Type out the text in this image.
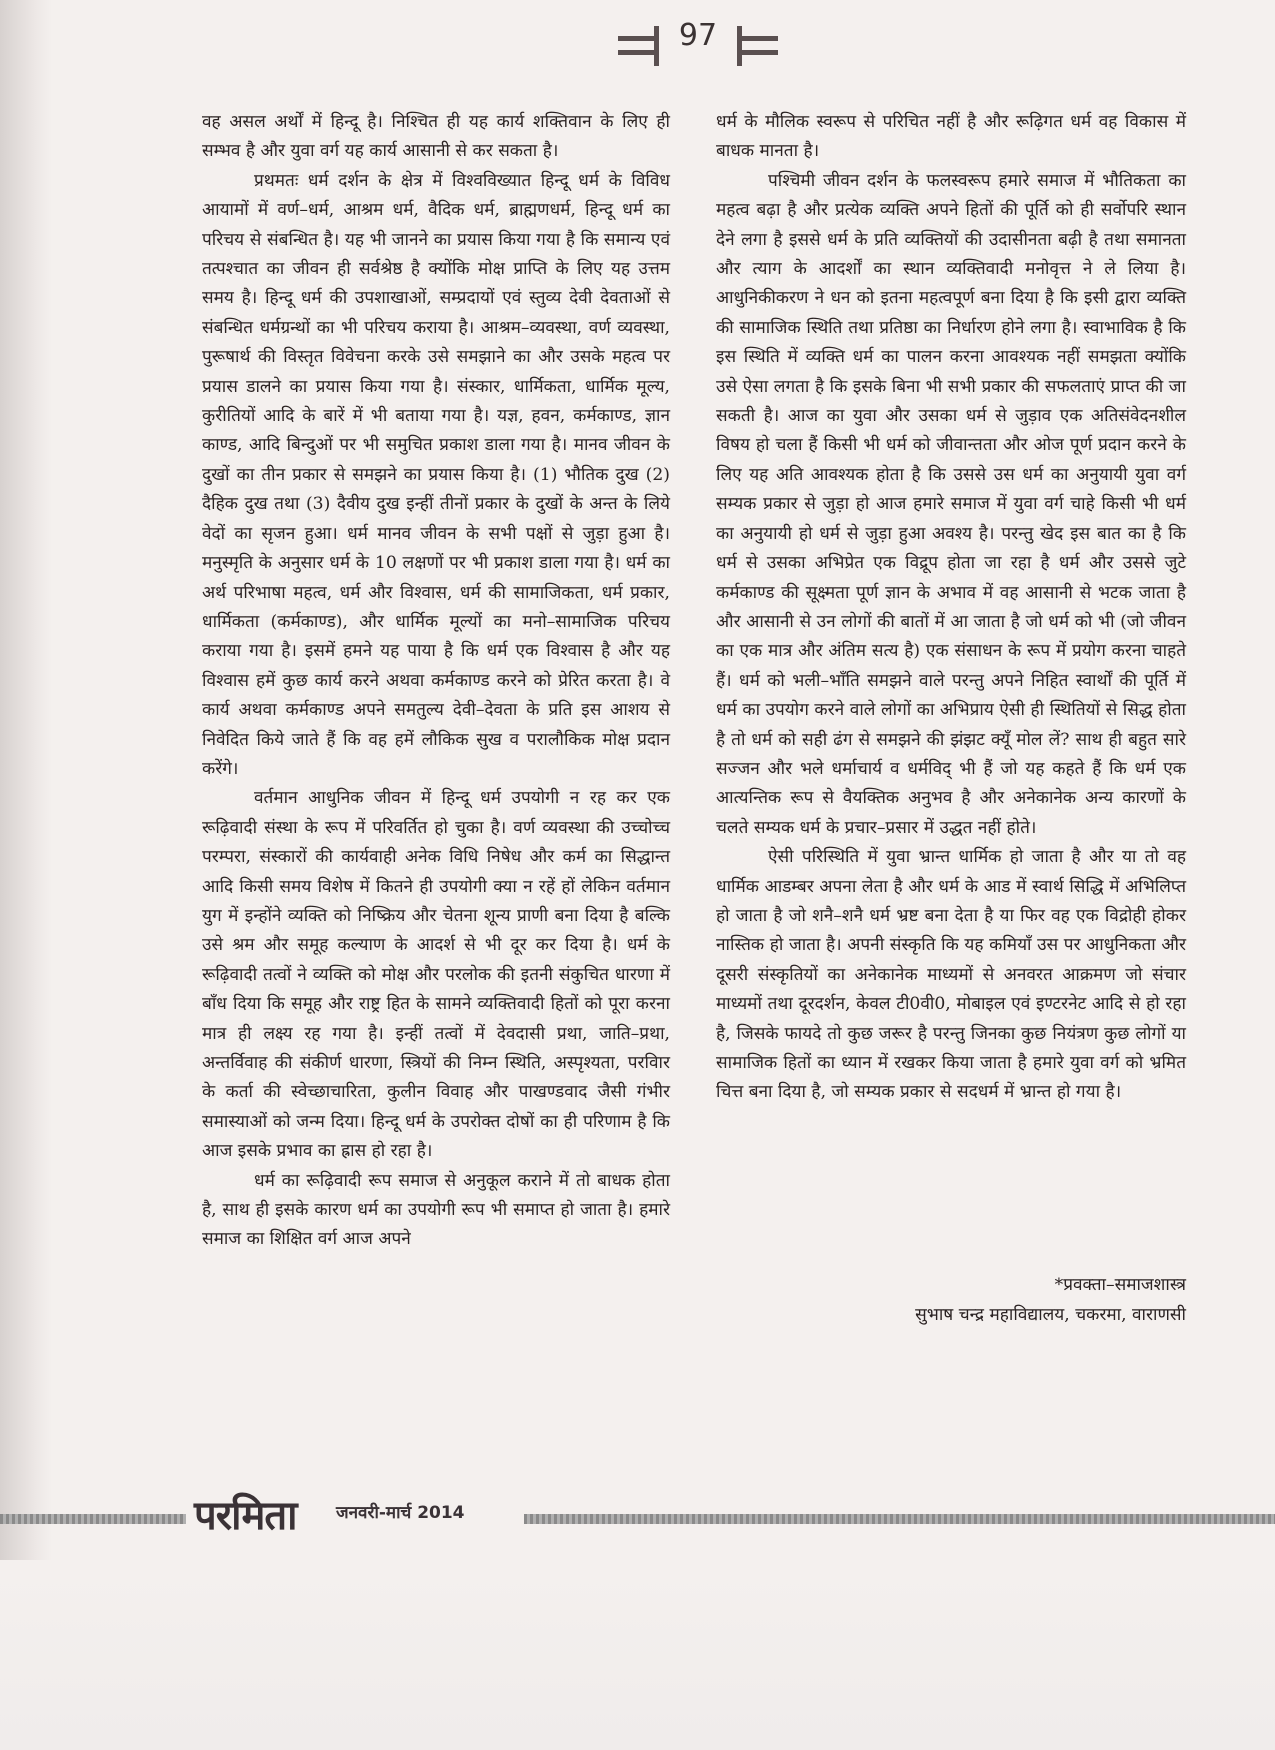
97

वह असल अर्थों में हिन्दू है। निश्चित ही यह कार्य शक्तिवान के लिए ही सम्भव है और युवा वर्ग यह कार्य आसानी से कर सकता है।

प्रथमतः धर्म दर्शन के क्षेत्र में विश्वविख्यात हिन्दू धर्म के विविध आयामों में वर्ण–धर्म, आश्रम धर्म, वैदिक धर्म, ब्राह्मणधर्म, हिन्दू धर्म का परिचय से संबन्धित है। यह भी जानने का प्रयास किया गया है कि समान्य एवं तत्पश्चात का जीवन ही सर्वश्रेष्ठ है क्योंकि मोक्ष प्राप्ति के लिए यह उत्तम समय है। हिन्दू धर्म की उपशाखाओं, सम्प्रदायों एवं स्तुव्य देवी देवताओं से संबन्धित धर्मग्रन्थों का भी परिचय कराया है। आश्रम–व्यवस्था, वर्ण व्यवस्था, पुरूषार्थ की विस्तृत विवेचना करके उसे समझाने का और उसके महत्व पर प्रयास डालने का प्रयास किया गया है। संस्कार, धार्मिकता, धार्मिक मूल्य, कुरीतियों आदि के बारें में भी बताया गया है। यज्ञ, हवन, कर्मकाण्ड, ज्ञान काण्ड, आदि बिन्दुओं पर भी समुचित प्रकाश डाला गया है। मानव जीवन के दुखों का तीन प्रकार से समझने का प्रयास किया है। (1) भौतिक दुख (2) दैहिक दुख तथा (3) दैवीय दुख इन्हीं तीनों प्रकार के दुखों के अन्त के लिये वेदों का सृजन हुआ। धर्म मानव जीवन के सभी पक्षों से जुड़ा हुआ है। मनुस्मृति के अनुसार धर्म के 10 लक्षणों पर भी प्रकाश डाला गया है। धर्म का अर्थ परिभाषा महत्व, धर्म और विश्वास, धर्म की सामाजिकता, धर्म प्रकार, धार्मिकता (कर्मकाण्ड), और धार्मिक मूल्यों का मनो–सामाजिक परिचय कराया गया है। इसमें हमने यह पाया है कि धर्म एक विश्वास है और यह विश्वास हमें कुछ कार्य करने अथवा कर्मकाण्ड करने को प्रेरित करता है। वे कार्य अथवा कर्मकाण्ड अपने समतुल्य देवी–देवता के प्रति इस आशय से निवेदित किये जाते हैं कि वह हमें लौकिक सुख व परालौकिक मोक्ष प्रदान करेंगे।

वर्तमान आधुनिक जीवन में हिन्दू धर्म उपयोगी न रह कर एक रूढ़िवादी संस्था के रूप में परिवर्तित हो चुका है। वर्ण व्यवस्था की उच्चोच्च परम्परा, संस्कारों की कार्यवाही अनेक विधि निषेध और कर्म का सिद्धान्त आदि किसी समय विशेष में कितने ही उपयोगी क्या न रहें हों लेकिन वर्तमान युग में इन्होंने व्यक्ति को निष्क्रिय और चेतना शून्य प्राणी बना दिया है बल्कि उसे श्रम और समूह कल्याण के आदर्श से भी दूर कर दिया है। धर्म के रूढ़िवादी तत्वों ने व्यक्ति को मोक्ष और परलोक की इतनी संकुचित धारणा में बाँध दिया कि समूह और राष्ट्र हित के सामने व्यक्तिवादी हितों को पूरा करना मात्र ही लक्ष्य रह गया है। इन्हीं तत्वों में देवदासी प्रथा, जाति–प्रथा, अन्तर्विवाह की संकीर्ण धारणा, स्त्रियों की निम्न स्थिति, अस्पृश्यता, परविार के कर्ता की स्वेच्छाचारिता, कुलीन विवाह और पाखण्डवाद जैसी गंभीर समास्याओं को जन्म दिया। हिन्दू धर्म के उपरोक्त दोषों का ही परिणाम है कि आज इसके प्रभाव का ह्रास हो रहा है।

धर्म का रूढ़िवादी रूप समाज से अनुकूल कराने में तो बाधक होता है, साथ ही इसके कारण धर्म का उपयोगी रूप भी समाप्त हो जाता है। हमारे समाज का शिक्षित वर्ग आज अपने

धर्म के मौलिक स्वरूप से परिचित नहीं है और रूढ़िगत धर्म वह विकास में बाधक मानता है।

पश्चिमी जीवन दर्शन के फलस्वरूप हमारे समाज में भौतिकता का महत्व बढ़ा है और प्रत्येक व्यक्ति अपने हितों की पूर्ति को ही सर्वोपरि स्थान देने लगा है इससे धर्म के प्रति व्यक्तियों की उदासीनता बढ़ी है तथा समानता और त्याग के आदर्शों का स्थान व्यक्तिवादी मनोवृत्त ने ले लिया है। आधुनिकीकरण ने धन को इतना महत्वपूर्ण बना दिया है कि इसी द्वारा व्यक्ति की सामाजिक स्थिति तथा प्रतिष्ठा का निर्धारण होने लगा है। स्वाभाविक है कि इस स्थिति में व्यक्ति धर्म का पालन करना आवश्यक नहीं समझता क्योंकि उसे ऐसा लगता है कि इसके बिना भी सभी प्रकार की सफलताएं प्राप्त की जा सकती है। आज का युवा और उसका धर्म से जुड़ाव एक अतिसंवेदनशील विषय हो चला हैं किसी भी धर्म को जीवान्तता और ओज पूर्ण प्रदान करने के लिए यह अति आवश्यक होता है कि उससे उस धर्म का अनुयायी युवा वर्ग सम्यक प्रकार से जुड़ा हो आज हमारे समाज में युवा वर्ग चाहे किसी भी धर्म का अनुयायी हो धर्म से जुड़ा हुआ अवश्य है। परन्तु खेद इस बात का है कि धर्म से उसका अभिप्रेत एक विद्रूप होता जा रहा है धर्म और उससे जुटे कर्मकाण्ड की सूक्ष्मता पूर्ण ज्ञान के अभाव में वह आसानी से भटक जाता है और आसानी से उन लोगों की बातों में आ जाता है जो धर्म को भी (जो जीवन का एक मात्र और अंतिम सत्य है) एक संसाधन के रूप में प्रयोग करना चाहते हैं। धर्म को भली–भाँति समझने वाले परन्तु अपने निहित स्वार्थों की पूर्ति में धर्म का उपयोग करने वाले लोगों का अभिप्राय ऐसी ही स्थितियों से सिद्ध होता है तो धर्म को सही ढंग से समझने की झंझट क्यूँ मोल लें? साथ ही बहुत सारे सज्जन और भले धर्माचार्य व धर्मविद् भी हैं जो यह कहते हैं कि धर्म एक आत्यन्तिक रूप से वैयक्तिक अनुभव है और अनेकानेक अन्य कारणों के चलते सम्यक धर्म के प्रचार–प्रसार में उद्धत नहीं होते।

ऐसी परिस्थिति में युवा भ्रान्त धार्मिक हो जाता है और या तो वह धार्मिक आडम्बर अपना लेता है और धर्म के आड में स्वार्थ सिद्धि में अभिलिप्त हो जाता है जो शनै–शनै धर्म भ्रष्ट बना देता है या फिर वह एक विद्रोही होकर नास्तिक हो जाता है। अपनी संस्कृति कि यह कमियाँ उस पर आधुनिकता और दूसरी संस्कृतियों का अनेकानेक माध्यमों से अनवरत आक्रमण जो संचार माध्यमों तथा दूरदर्शन, केवल टी0वी0, मोबाइल एवं इण्टरनेट आदि से हो रहा है, जिसके फायदे तो कुछ जरूर है परन्तु जिनका कुछ नियंत्रण कुछ लोगों या सामाजिक हितों का ध्यान में रखकर किया जाता है हमारे युवा वर्ग को भ्रमित चित्त बना दिया है, जो सम्यक प्रकार से सदधर्म में भ्रान्त हो गया है।

*प्रवक्ता–समाजशास्त्र
सुभाष चन्द्र महाविद्यालय, चकरमा, वाराणसी
परमिता जनवरी-मार्च 2014
